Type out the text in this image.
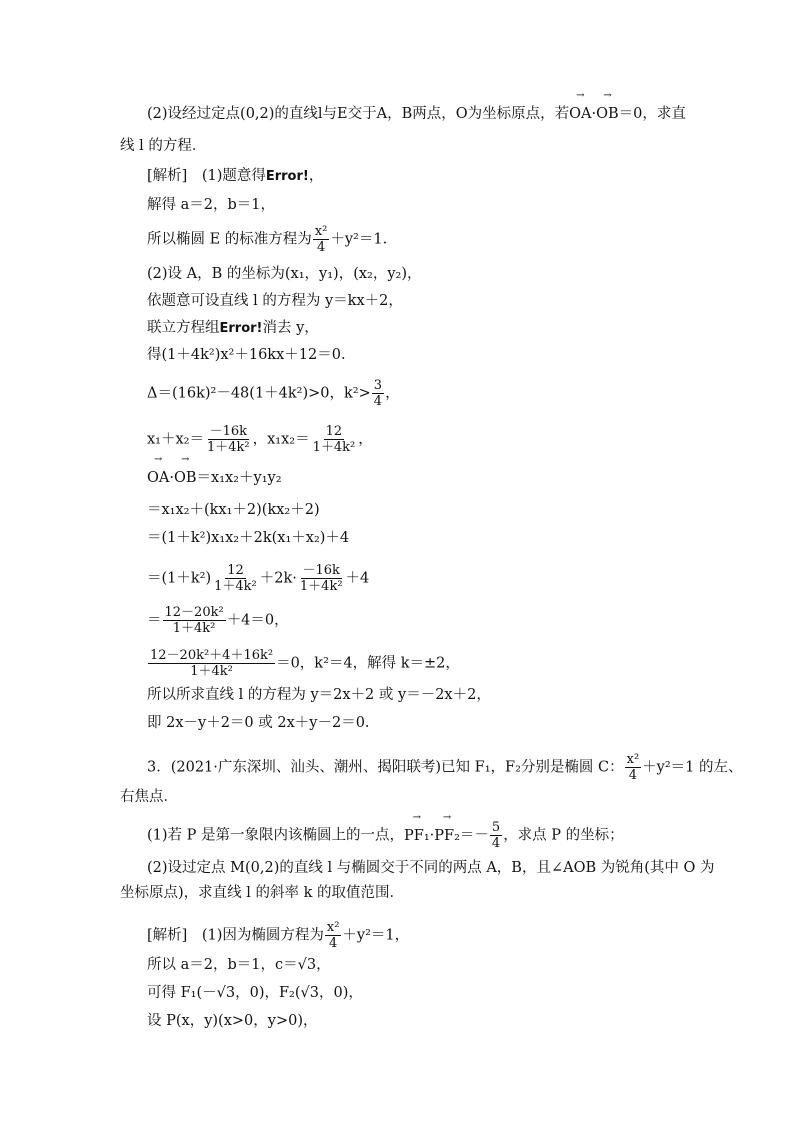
(2)设经过定点(0,2)的直线l与E交于A，B两点，O为坐标原点，若→ OA·→ OB＝0，求直
线 l 的方程．
[解析]　(1)题意得Error!，
解得 a＝2，b＝1，
所以椭圆 E 的标准方程为 $\frac{\text{x²}}{4} +y^2=1$.
(2)设 A，B 的坐标为(x₁，y₁)，(x₂，y₂)，
依题意可设直线 l 的方程为 y＝kx＋2，
联立方程组Error!消去 y，
得(1＋4k²)x²＋16kx＋12＝0.
Δ＝(16k)²－48(1＋4k²)>0，$k^2> \frac{3}{4}$ ，
$x_1+x_2= \frac{-16k}{\text{1＋4k²}}$ ，$x_1x_2= \frac{12}{\text{1＋4k²}}$ ，
→ OA·→ OB＝x₁x₂＋y₁y₂
＝x₁x₂＋(kx₁＋2)(kx₂＋2)
＝(1＋k²)x₁x₂＋2k(x₁＋x₂)＋4
$=(1+k^2) \frac{12}{\text{1＋4k²}} +2k\cdot \frac{-16k}{\text{1＋4k²}} +4$
＝ $\frac{\text{12－20k²}}{\text{1＋4k²}} +4=0$，
$\frac{\text{12－20k²＋4＋16k²}}{\text{1＋4k²}} =0$，k²＝4，解得 k＝±2，
所以所求直线 l 的方程为 y＝2x＋2 或 y＝－2x＋2，
即 2x－y＋2＝0 或 2x＋y－2＝0.
3．(2021·广东深圳、汕头、潮州、揭阳联考)已知 F₁，F₂分别是椭圆 C： $\frac{\text{x²}}{4} +y^2=1$ 的左、
右焦点．
(1)若 P 是第一象限内该椭圆上的一点，→ $PF_1\cdot\to PF_2=- \frac{5}{4}$ ，求点 P 的坐标；
(2)设过定点 M(0,2)的直线 l 与椭圆交于不同的两点 A，B，且∠AOB 为锐角(其中 O 为
坐标原点)，求直线 l 的斜率 k 的取值范围．
[解析]　(1)因为椭圆方程为 $\frac{\text{x²}}{4} +y^2=1$，
所以 a＝2，b＝1，c＝√3，
可得 F₁(－√3，0)，F₂(√3，0)，
设 P(x，y)(x>0，y>0)，
